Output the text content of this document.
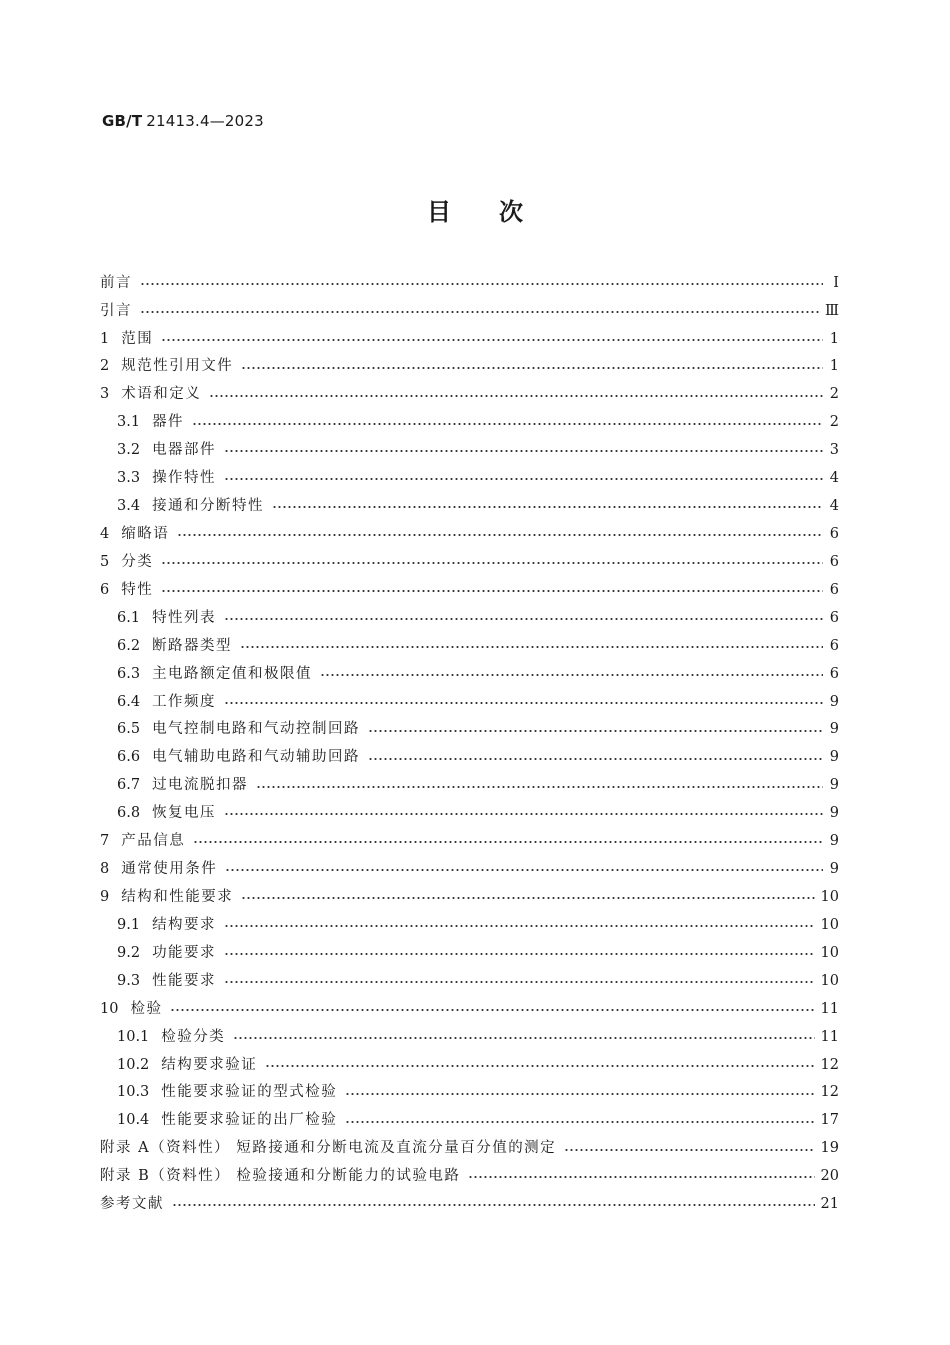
GB/T 21413.4—2023
目 次
前言	Ⅰ
引言	Ⅲ
1 范围	1
2 规范性引用文件	1
3 术语和定义	2
3.1 器件	2
3.2 电器部件	3
3.3 操作特性	4
3.4 接通和分断特性	4
4 缩略语	6
5 分类	6
6 特性	6
6.1 特性列表	6
6.2 断路器类型	6
6.3 主电路额定值和极限值	6
6.4 工作频度	9
6.5 电气控制电路和气动控制回路	9
6.6 电气辅助电路和气动辅助回路	9
6.7 过电流脱扣器	9
6.8 恢复电压	9
7 产品信息	9
8 通常使用条件	9
9 结构和性能要求	10
9.1 结构要求	10
9.2 功能要求	10
9.3 性能要求	10
10 检验	11
10.1 检验分类	11
10.2 结构要求验证	12
10.3 性能要求验证的型式检验	12
10.4 性能要求验证的出厂检验	17
附录 A（资料性） 短路接通和分断电流及直流分量百分值的测定	19
附录 B（资料性） 检验接通和分断能力的试验电路	20
参考文献	21
